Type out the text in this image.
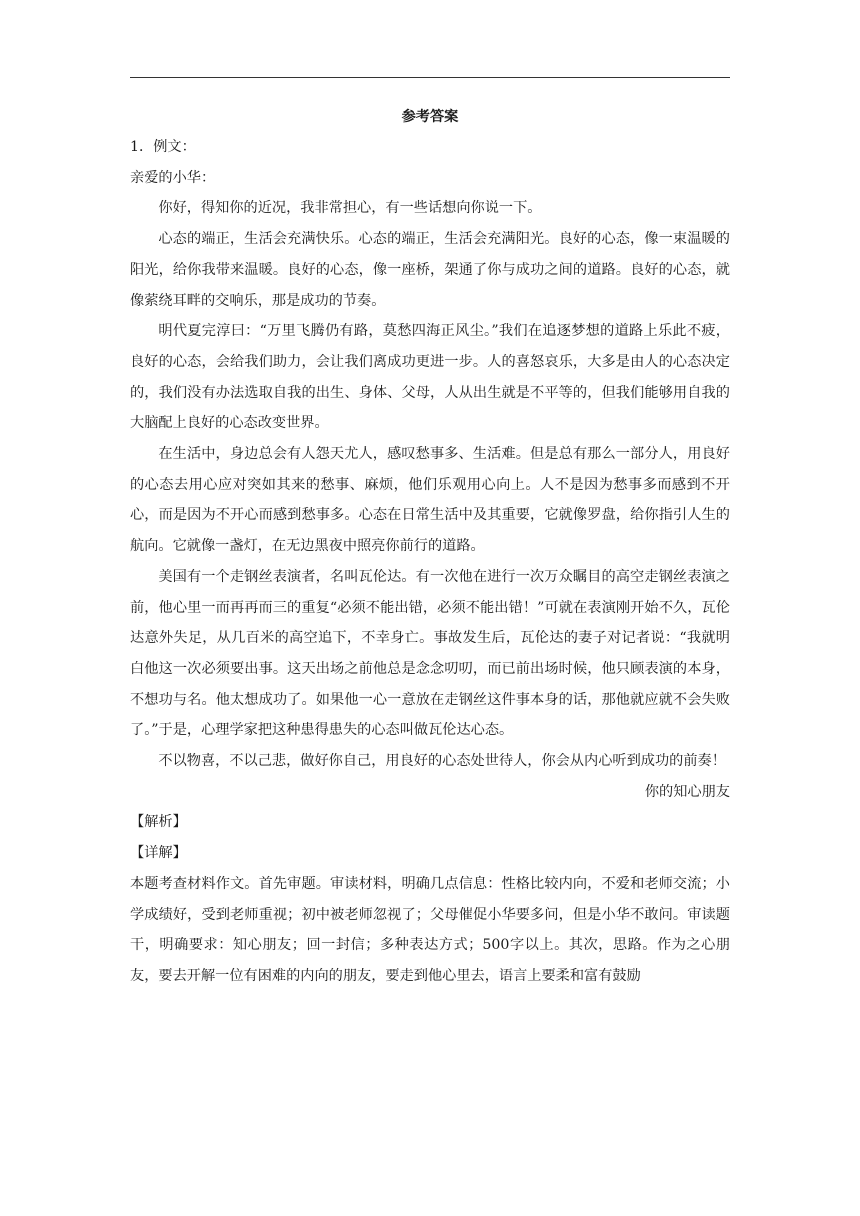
参考答案

1．例文：

亲爱的小华：

你好，得知你的近况，我非常担心，有一些话想向你说一下。

心态的端正，生活会充满快乐。心态的端正，生活会充满阳光。良好的心态，像一束温暖的阳光，给你我带来温暖。良好的心态，像一座桥，架通了你与成功之间的道路。良好的心态，就像萦绕耳畔的交响乐，那是成功的节奏。

明代夏完淳曰：“万里飞腾仍有路，莫愁四海正风尘。”我们在追逐梦想的道路上乐此不疲，良好的心态，会给我们助力，会让我们离成功更进一步。人的喜怒哀乐，大多是由人的心态决定的，我们没有办法选取自我的出生、身体、父母，人从出生就是不平等的，但我们能够用自我的大脑配上良好的心态改变世界。

在生活中，身边总会有人怨天尤人，感叹愁事多、生活难。但是总有那么一部分人，用良好的心态去用心应对突如其来的愁事、麻烦，他们乐观用心向上。人不是因为愁事多而感到不开心，而是因为不开心而感到愁事多。心态在日常生活中及其重要，它就像罗盘，给你指引人生的航向。它就像一盏灯，在无边黑夜中照亮你前行的道路。

美国有一个走钢丝表演者，名叫瓦伦达。有一次他在进行一次万众瞩目的高空走钢丝表演之前，他心里一而再再而三的重复“必须不能出错，必须不能出错！”可就在表演刚开始不久，瓦伦达意外失足，从几百米的高空追下，不幸身亡。事故发生后，瓦伦达的妻子对记者说：“我就明白他这一次必须要出事。这天出场之前他总是念念叨叨，而已前出场时候，他只顾表演的本身，不想功与名。他太想成功了。如果他一心一意放在走钢丝这件事本身的话，那他就应就不会失败了。”于是，心理学家把这种患得患失的心态叫做瓦伦达心态。

不以物喜，不以己悲，做好你自己，用良好的心态处世待人，你会从内心听到成功的前奏！

你的知心朋友

【解析】

【详解】

本题考查材料作文。首先审题。审读材料，明确几点信息：性格比较内向，不爱和老师交流；小学成绩好，受到老师重视；初中被老师忽视了；父母催促小华要多问，但是小华不敢问。审读题干，明确要求：知心朋友；回一封信；多种表达方式；500字以上。其次，思路。作为之心朋友，要去开解一位有困难的内向的朋友，要走到他心里去，语言上要柔和富有鼓励
